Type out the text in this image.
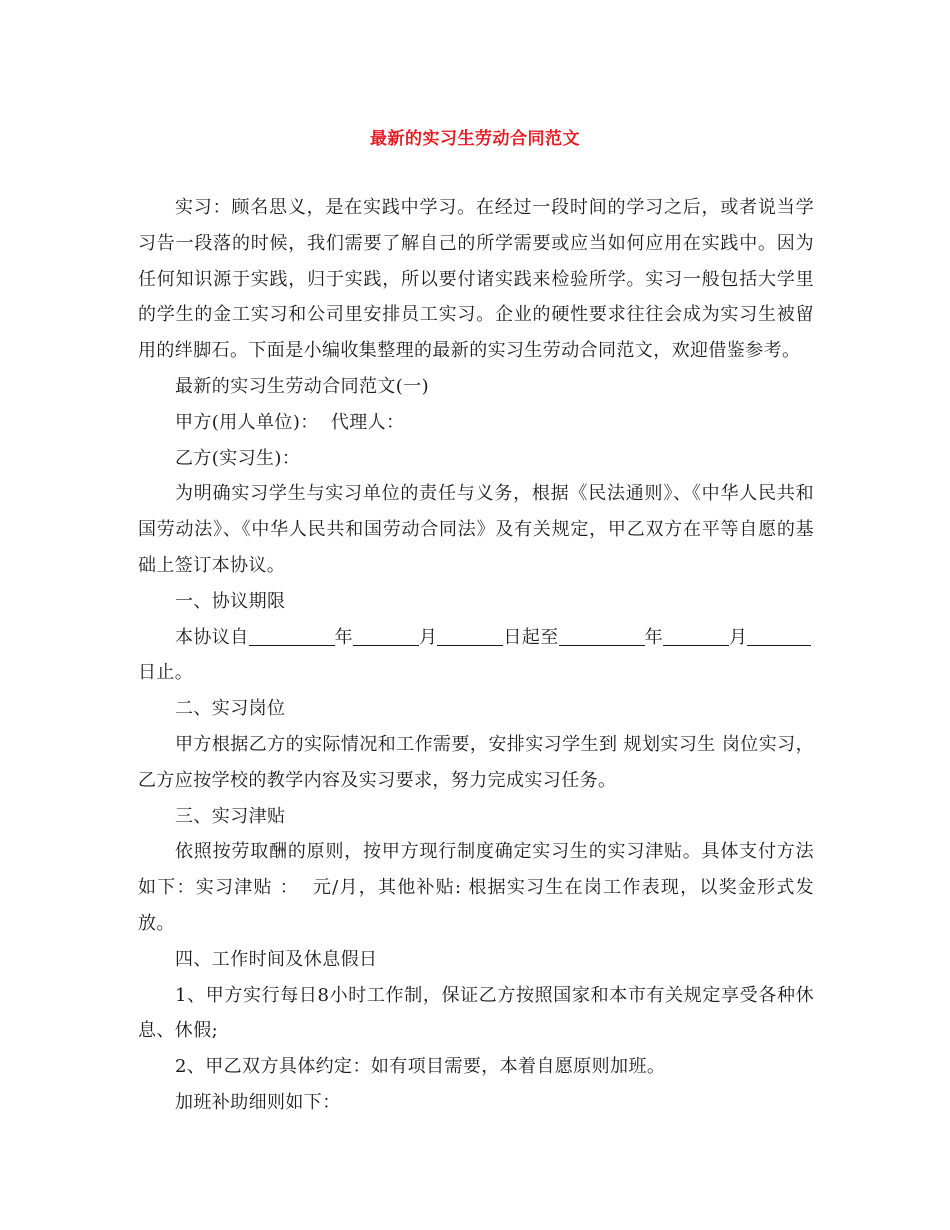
最新的实习生劳动合同范文

实习：顾名思义，是在实践中学习。在经过一段时间的学习之后，或者说当学习告一段落的时候，我们需要了解自己的所学需要或应当如何应用在实践中。因为任何知识源于实践，归于实践，所以要付诸实践来检验所学。实习一般包括大学里的学生的金工实习和公司里安排员工实习。企业的硬性要求往往会成为实习生被留用的绊脚石。下面是小编收集整理的最新的实习生劳动合同范文，欢迎借鉴参考。

最新的实习生劳动合同范文(一)

甲方(用人单位)：  代理人：

乙方(实习生)：

为明确实习学生与实习单位的责任与义务，根据《民法通则》、《中华人民共和国劳动法》、《中华人民共和国劳动合同法》及有关规定，甲乙双方在平等自愿的基础上签订本协议。

一、协议期限

本协议自	年	月	日起至	年	月日止。

二、实习岗位

甲方根据乙方的实际情况和工作需要，安排实习学生到 规划实习生 岗位实习，乙方应按学校的教学内容及实习要求，努力完成实习任务。

三、实习津贴

依照按劳取酬的原则，按甲方现行制度确定实习生的实习津贴。具体支付方法如下：实习津贴 ：  元/月，其他补贴: 根据实习生在岗工作表现，以奖金形式发放。

四、工作时间及休息假日

1、甲方实行每日8小时工作制，保证乙方按照国家和本市有关规定享受各种休息、休假;

2、甲乙双方具体约定：如有项目需要，本着自愿原则加班。

加班补助细则如下：
